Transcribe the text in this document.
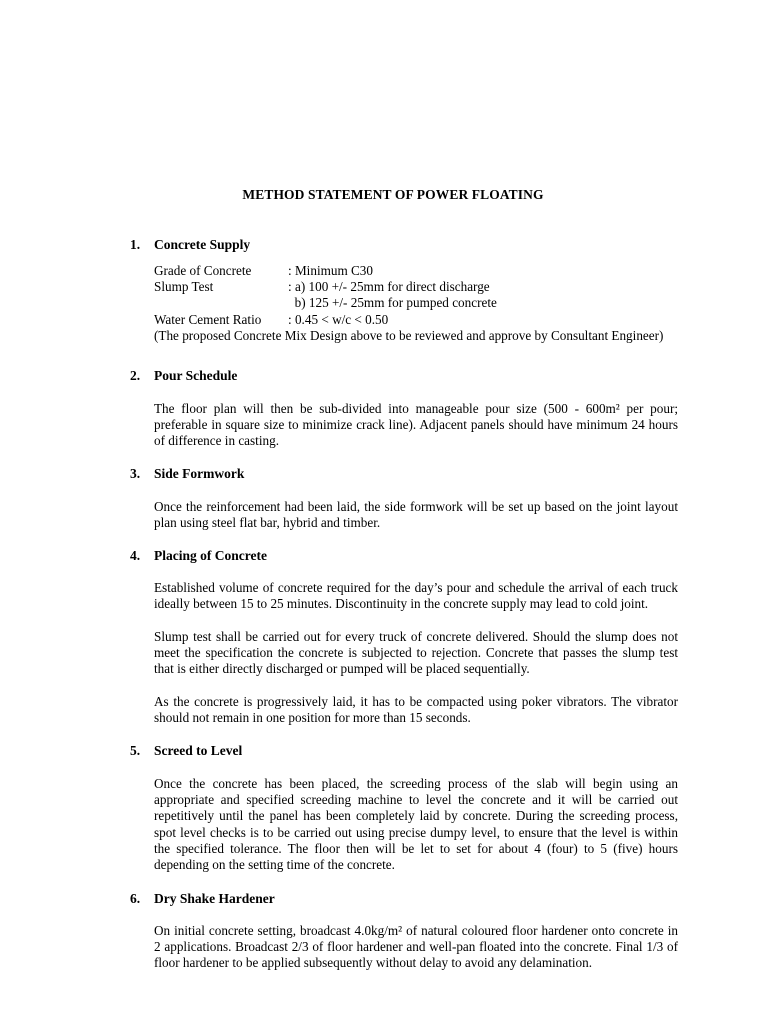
METHOD STATEMENT OF POWER FLOATING
1. Concrete Supply
Grade of Concrete	: Minimum C30
Slump Test	: a) 100 +/- 25mm for direct discharge
	b) 125 +/- 25mm for pumped concrete
Water Cement Ratio	: 0.45 < w/c < 0.50
(The proposed Concrete Mix Design above to be reviewed and approve by Consultant Engineer)
2. Pour Schedule

The floor plan will then be sub-divided into manageable pour size (500 - 600m² per pour; preferable in square size to minimize crack line). Adjacent panels should have minimum 24 hours of difference in casting.

3. Side Formwork

Once the reinforcement had been laid, the side formwork will be set up based on the joint layout plan using steel flat bar, hybrid and timber.

4. Placing of Concrete

Established volume of concrete required for the day’s pour and schedule the arrival of each truck ideally between 15 to 25 minutes. Discontinuity in the concrete supply may lead to cold joint.

Slump test shall be carried out for every truck of concrete delivered. Should the slump does not meet the specification the concrete is subjected to rejection. Concrete that passes the slump test that is either directly discharged or pumped will be placed sequentially.

As the concrete is progressively laid, it has to be compacted using poker vibrators. The vibrator should not remain in one position for more than 15 seconds.

5. Screed to Level

Once the concrete has been placed, the screeding process of the slab will begin using an appropriate and specified screeding machine to level the concrete and it will be carried out repetitively until the panel has been completely laid by concrete. During the screeding process, spot level checks is to be carried out using precise dumpy level, to ensure that the level is within the specified tolerance. The floor then will be let to set for about 4 (four) to 5 (five) hours depending on the setting time of the concrete.

6. Dry Shake Hardener

On initial concrete setting, broadcast 4.0kg/m² of natural coloured floor hardener onto concrete in 2 applications. Broadcast 2/3 of floor hardener and well-pan floated into the concrete. Final 1/3 of floor hardener to be applied subsequently without delay to avoid any delamination.
